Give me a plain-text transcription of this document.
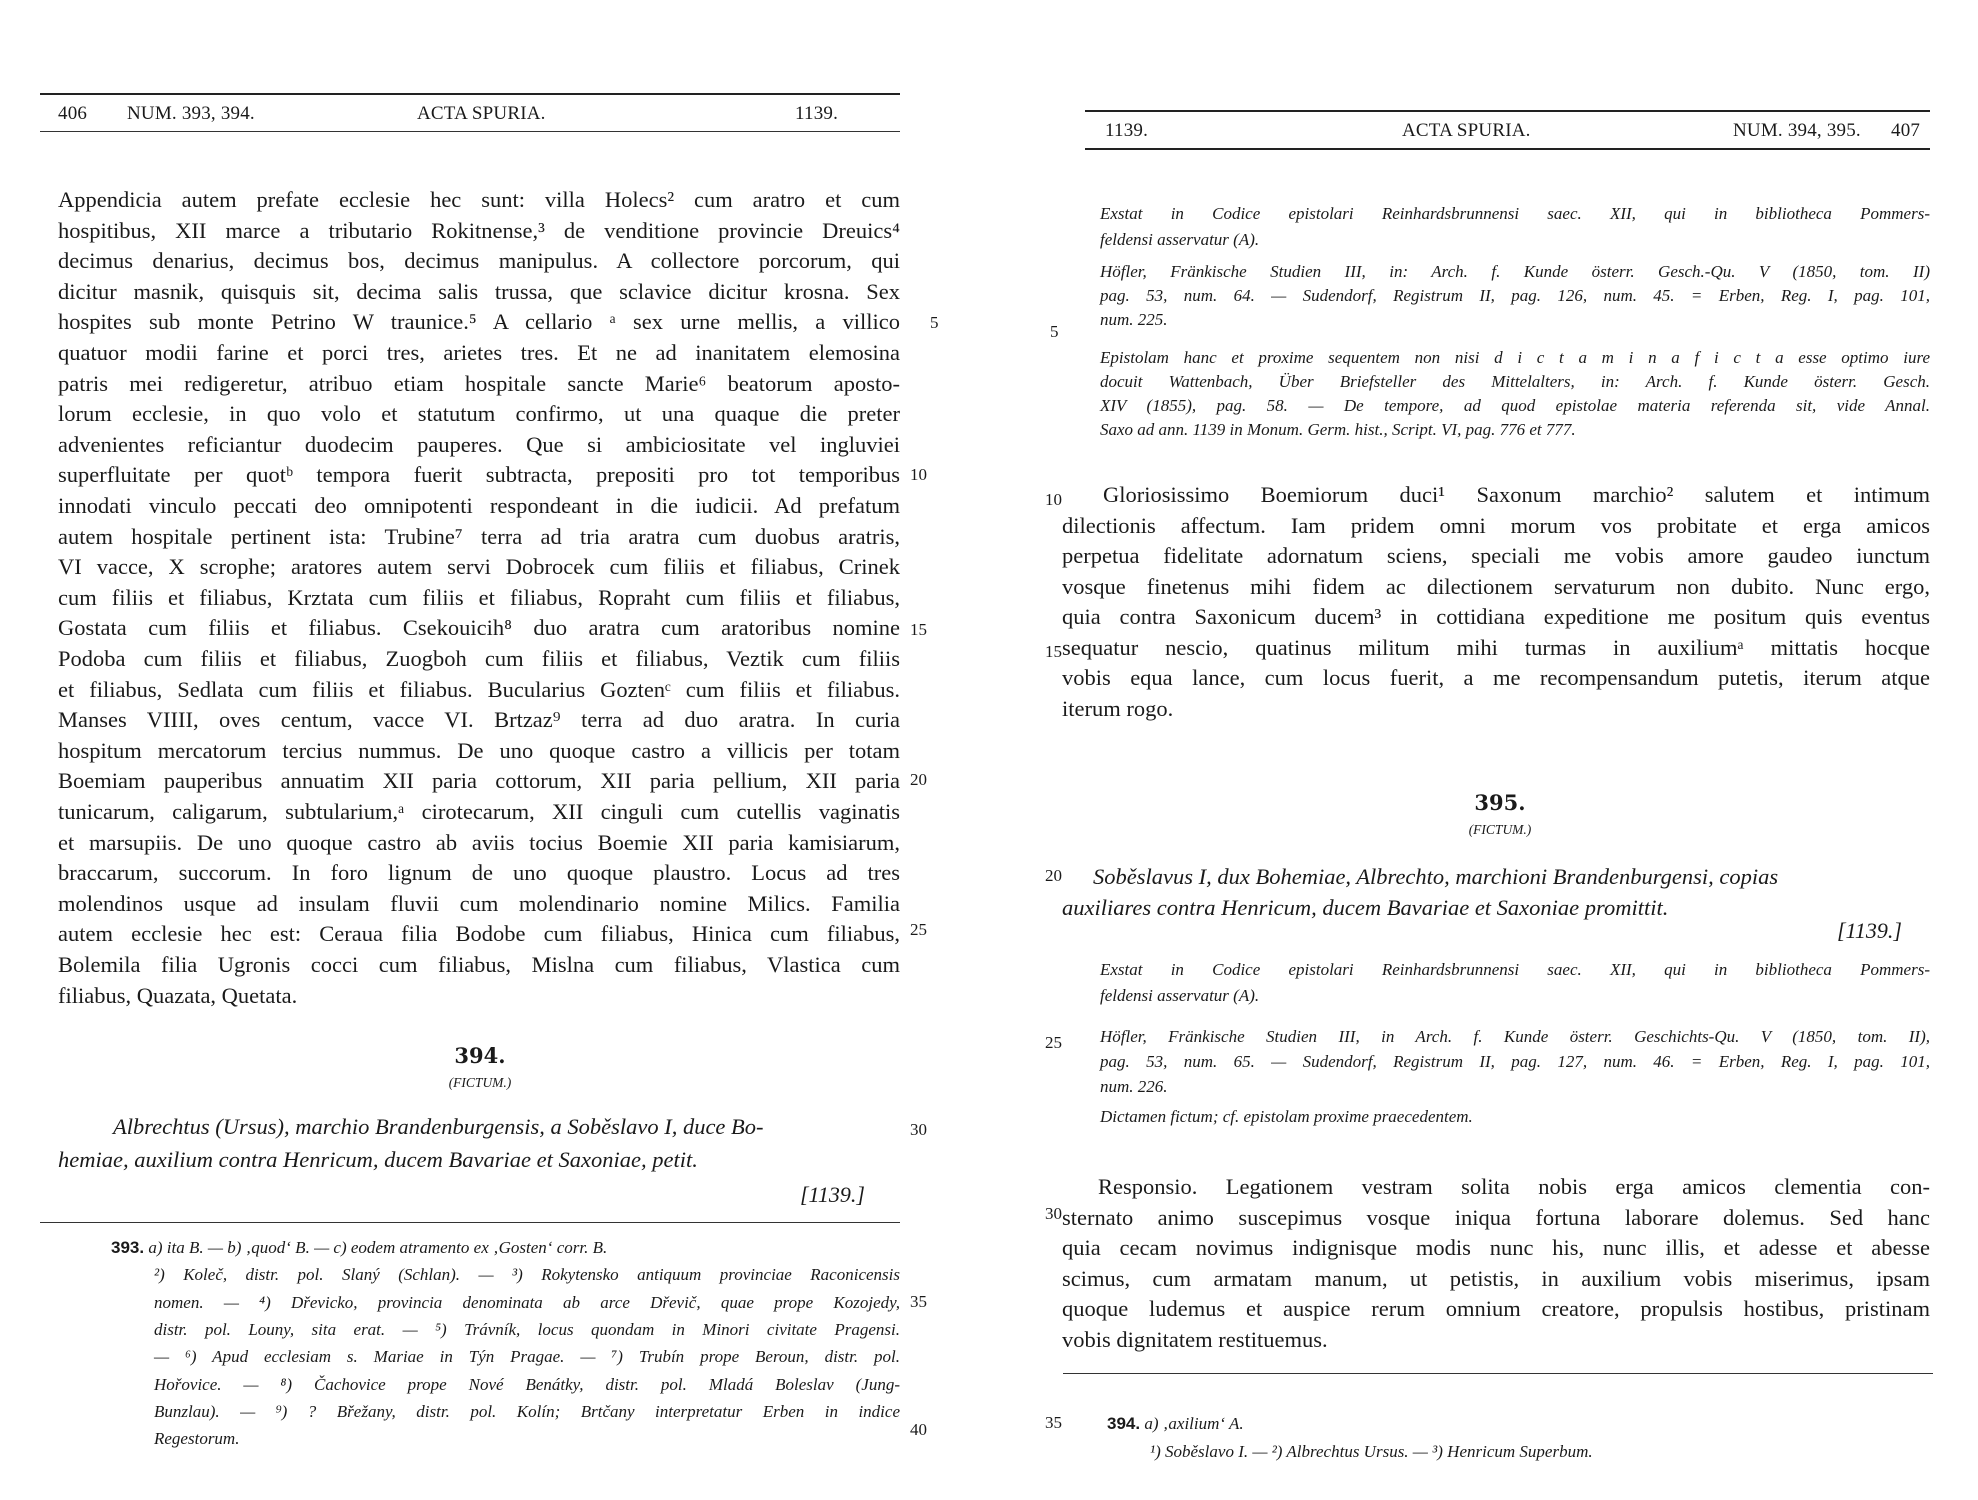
406 NUM. 393, 394.	ACTA SPURIA.	1139.
Appendicia autem prefate ecclesie hec sunt: villa Holecs² cum aratro et cum
hospitibus, XII marce a tributario Rokitnense,³ de venditione provincie Dreuics⁴
decimus denarius, decimus bos, decimus manipulus. A collectore porcorum, qui
dicitur masnik, quisquis sit, decima salis trussa, que sclavice dicitur krosna. Sex
hospites sub monte Petrino W traunice.⁵ A cellario ᵃ sex urne mellis, a villico
quatuor modii farine et porci tres, arietes tres. Et ne ad inanitatem elemosina
patris mei redigeretur, atribuo etiam hospitale sancte Marie⁶ beatorum aposto-
lorum ecclesie, in quo volo et statutum confirmo, ut una quaque die preter
advenientes reficiantur duodecim pauperes. Que si ambiciositate vel ingluviei
superfluitate per quotᵇ tempora fuerit subtracta, prepositi pro tot temporibus
innodati vinculo peccati deo omnipotenti respondeant in die iudicii. Ad prefatum
autem hospitale pertinent ista: Trubine⁷ terra ad tria aratra cum duobus aratris,
VI vacce, X scrophe; aratores autem servi Dobrocek cum filiis et filiabus, Crinek
cum filiis et filiabus, Krztata cum filiis et filiabus, Ropraht cum filiis et filiabus,
Gostata cum filiis et filiabus. Csekouicih⁸ duo aratra cum aratoribus nomine
Podoba cum filiis et filiabus, Zuogboh cum filiis et filiabus, Veztik cum filiis
et filiabus, Sedlata cum filiis et filiabus. Bucularius Goztenᶜ cum filiis et filiabus.
Manses VIIII, oves centum, vacce VI. Brtzaz⁹ terra ad duo aratra. In curia
hospitum mercatorum tercius nummus. De uno quoque castro a villicis per totam
Boemiam pauperibus annuatim XII paria cottorum, XII paria pellium, XII paria
tunicarum, caligarum, subtularium,ᵃ cirotecarum, XII cinguli cum cutellis vaginatis
et marsupiis. De uno quoque castro ab aviis tocius Boemie XII paria kamisiarum,
braccarum, succorum. In foro lignum de uno quoque plaustro. Locus ad tres
molendinos usque ad insulam fluvii cum molendinario nomine Milics. Familia
autem ecclesie hec est: Ceraua filia Bodobe cum filiabus, Hinica cum filiabus,
Bolemila filia Ugronis cocci cum filiabus, Mislna cum filiabus, Vlastica cum
filiabus, Quazata, Quetata.
5
10
15
20
25
30
35
40
394.
(FICTUM.)
Albrechtus (Ursus), marchio Brandenburgensis, a Soběslavo I, duce Bo-
hemiae, auxilium contra Henricum, ducem Bavariae et Saxoniae, petit.
[1139.]
393. a) ita B. — b) ‚quod‘ B. — c) eodem atramento ex ‚Gosten‘ corr. B.
²) Koleč, distr. pol. Slaný (Schlan). — ³) Rokytensko antiquum provinciae Raconicensis
nomen. — ⁴) Dřevicko, provincia denominata ab arce Dřevič, quae prope Kozojedy,
distr. pol. Louny, sita erat. — ⁵) Trávník, locus quondam in Minori civitate Pragensi.
— ⁶) Apud ecclesiam s. Mariae in Týn Pragae. — ⁷) Trubín prope Beroun, distr. pol.
Hořovice. — ⁸) Čachovice prope Nové Benátky, distr. pol. Mladá Boleslav (Jung-
Bunzlau). — ⁹) ? Břežany, distr. pol. Kolín; Brtčany interpretatur Erben in indice
Regestorum.
1139.	ACTA SPURIA.	NUM. 394, 395. 407
Exstat in Codice epistolari Reinhardsbrunnensi saec. XII, qui in bibliotheca Pommers-
feldensi asservatur (A).
Höfler, Fränkische Studien III, in: Arch. f. Kunde österr. Gesch.-Qu. V (1850, tom. II)
pag. 53, num. 64. — Sudendorf, Registrum II, pag. 126, num. 45. = Erben, Reg. I, pag. 101,
num. 225.
Epistolam hanc et proxime sequentem non nisi d i c t a m i n a f i c t a esse optimo iure
docuit Wattenbach, Über Briefsteller des Mittelalters, in: Arch. f. Kunde österr. Gesch.
XIV (1855), pag. 58. — De tempore, ad quod epistolae materia referenda sit, vide Annal.
Saxo ad ann. 1139 in Monum. Germ. hist., Script. VI, pag. 776 et 777.
Gloriosissimo Boemiorum duci¹ Saxonum marchio² salutem et intimum
dilectionis affectum. Iam pridem omni morum vos probitate et erga amicos
perpetua fidelitate adornatum sciens, speciali me vobis amore gaudeo iunctum
vosque finetenus mihi fidem ac dilectionem servaturum non dubito. Nunc ergo,
quia contra Saxonicum ducem³ in cottidiana expeditione me positum quis eventus
sequatur nescio, quatinus militum mihi turmas in auxiliumᵃ mittatis hocque
vobis equa lance, cum locus fuerit, a me recompensandum putetis, iterum atque
iterum rogo.
395.
(FICTUM.)
Soběslavus I, dux Bohemiae, Albrechto, marchioni Brandenburgensi, copias
auxiliares contra Henricum, ducem Bavariae et Saxoniae promittit.
[1139.]
Exstat in Codice epistolari Reinhardsbrunnensi saec. XII, qui in bibliotheca Pommers-
feldensi asservatur (A).
Höfler, Fränkische Studien III, in Arch. f. Kunde österr. Geschichts-Qu. V (1850, tom. II),
pag. 53, num. 65. — Sudendorf, Registrum II, pag. 127, num. 46. = Erben, Reg. I, pag. 101,
num. 226.
Dictamen fictum; cf. epistolam proxime praecedentem.
Responsio. Legationem vestram solita nobis erga amicos clementia con-
sternato animo suscepimus vosque iniqua fortuna laborare dolemus. Sed hanc
quia cecam novimus indignisque modis nunc his, nunc illis, et adesse et abesse
scimus, cum armatam manum, ut petistis, in auxilium vobis miserimus, ipsam
quoque ludemus et auspice rerum omnium creatore, propulsis hostibus, pristinam
vobis dignitatem restituemus.
5
10
15
20
25
30
35	394. a) ‚axilium‘ A.
¹) Soběslavo I. — ²) Albrechtus Ursus. — ³) Henricum Superbum.
